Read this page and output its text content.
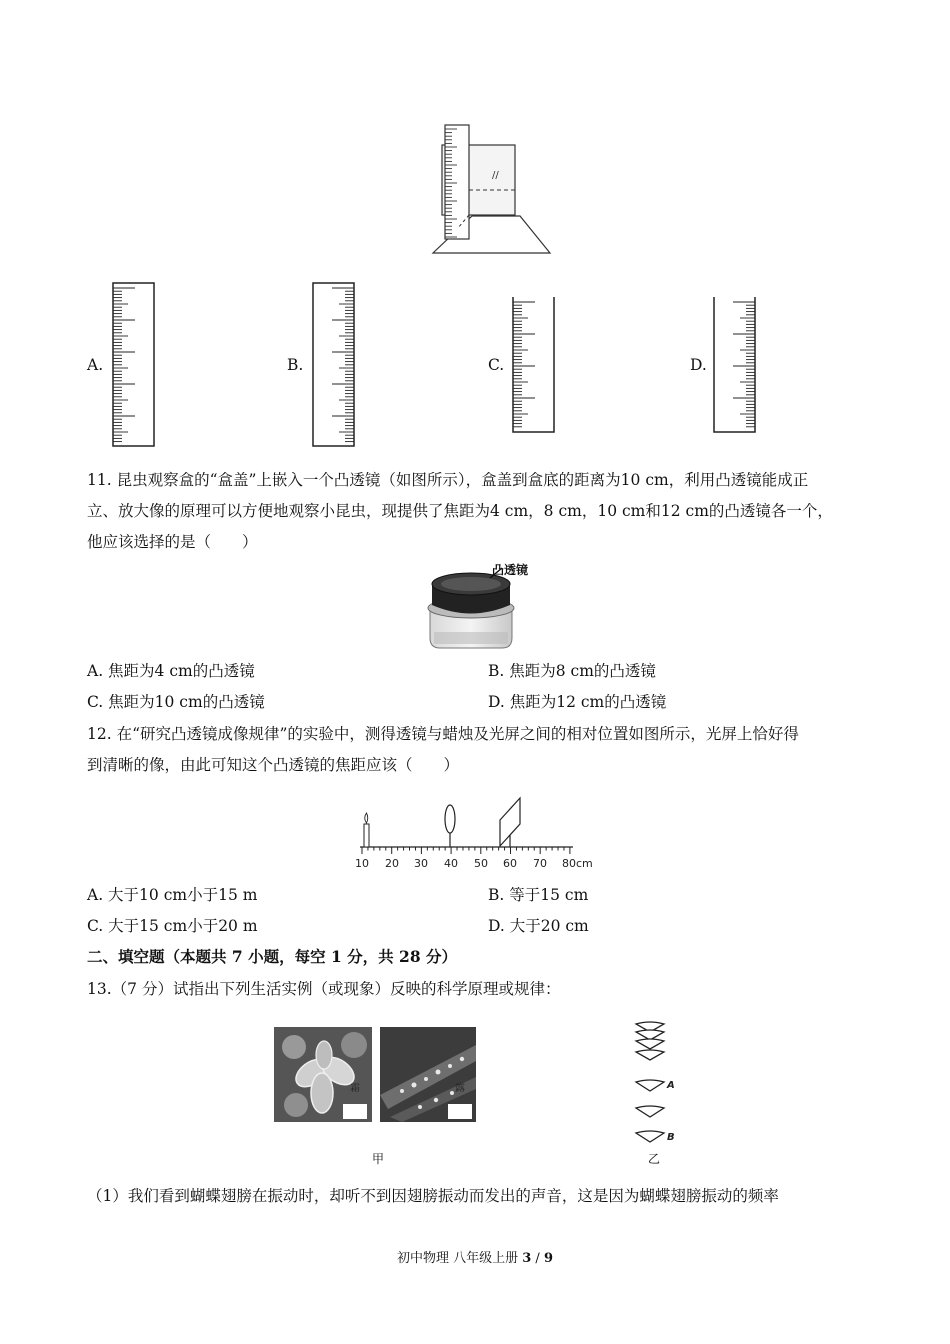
//
A.	B.	C.	D.
11. 昆虫观察盒的“盒盖”上嵌入一个凸透镜（如图所示），盒盖到盒底的距离为10 cm，利用凸透镜能成正
立、放大像的原理可以方便地观察小昆虫，现提供了焦距为4 cm，8 cm，10 cm和12 cm的凸透镜各一个，
他应该选择的是（　　）
凸透镜
A. 焦距为4 cm的凸透镜	B. 焦距为8 cm的凸透镜
C. 焦距为10 cm的凸透镜	D. 焦距为12 cm的凸透镜
12. 在“研究凸透镜成像规律”的实验中，测得透镜与蜡烛及光屏之间的相对位置如图所示，光屏上恰好得
到清晰的像，由此可知这个凸透镜的焦距应该（　　）
10 20 30 40 50 60 70 80cm
A. 大于10 cm小于15 m	B. 等于15 cm
C. 大于15 cm小于20 m	D. 大于20 cm
二、填空题（本题共 7 小题，每空 1 分，共 28 分）
13.（7 分）试指出下列生活实例（或现象）反映的科学原理或规律：
霜	露
甲
A
B
乙
（1）我们看到蝴蝶翅膀在振动时，却听不到因翅膀振动而发出的声音，这是因为蝴蝶翅膀振动的频率
初中物理 八年级上册 3 / 9
